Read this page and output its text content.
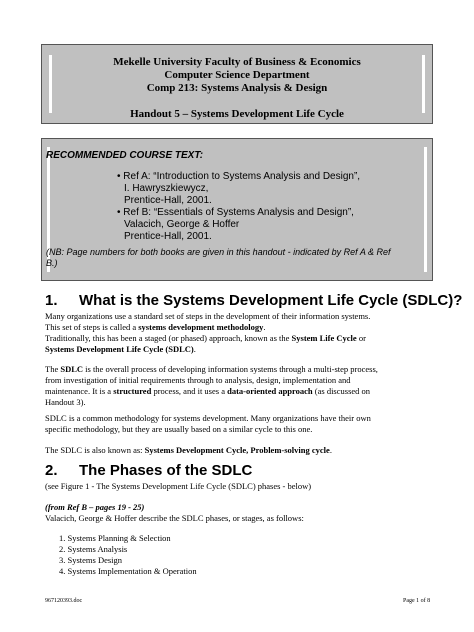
Mekelle University Faculty of Business & Economics
Computer Science Department
Comp 213: Systems Analysis & Design
Handout 5 – Systems Development Life Cycle
RECOMMENDED COURSE TEXT:
• Ref A: “Introduction to Systems Analysis and Design”,
I. Hawryszkiewycz,
Prentice-Hall, 2001.
• Ref B: “Essentials of Systems Analysis and Design”,
Valacich, George & Hoffer
Prentice-Hall, 2001.
(NB: Page numbers for both books are given in this handout - indicated by Ref A & Ref
B.)
1. What is the Systems Development Life Cycle (SDLC)?
Many organizations use a standard set of steps in the development of their information systems.
This set of steps is called a systems development methodology.
Traditionally, this has been a staged (or phased) approach, known as the System Life Cycle or
Systems Development Life Cycle (SDLC).
The SDLC is the overall process of developing information systems through a multi-step process,
from investigation of initial requirements through to analysis, design, implementation and
maintenance. It is a structured process, and it uses a data-oriented approach (as discussed on
Handout 3).
SDLC is a common methodology for systems development. Many organizations have their own
specific methodology, but they are usually based on a similar cycle to this one.
The SDLC is also known as: Systems Development Cycle, Problem-solving cycle.
2. The Phases of the SDLC
(see Figure 1 - The Systems Development Life Cycle (SDLC) phases - below)
(from Ref B – pages 19 - 25)
Valacich, George & Hoffer describe the SDLC phases, or stages, as follows:
1. Systems Planning & Selection
2. Systems Analysis
3. Systems Design
4. Systems Implementation & Operation
967120393.doc	Page 1 of 8
